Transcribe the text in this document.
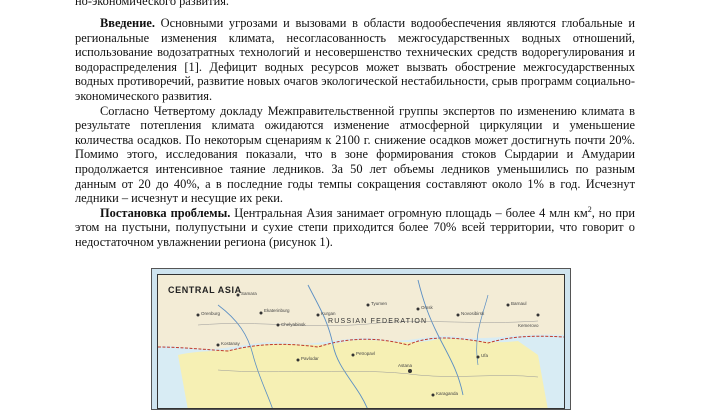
но-экономического развития.

Введение. Основными угрозами и вызовами в области водообеспечения являются глобальные и региональные изменения климата, несогласованность межгосударственных водных отношений, использование водозатратных технологий и несовершенство технических средств водорегулирования и водораспределения [1]. Дефицит водных ресурсов может вызвать обострение межгосударственных водных противоречий, развитие новых очагов экологической нестабильности, срыв программ социально-экономического развития.

Согласно Четвертому докладу Межправительственной группы экспертов по изменению климата в результате потепления климата ожидаются изменение атмосферной циркуляции и уменьшение количества осадков. По некоторым сценариям к 2100 г. снижение осадков может достигнуть почти 20%. Помимо этого, исследования показали, что в зоне формирования стоков Сырдарии и Амударии продолжается интенсивное таяние ледников. За 50 лет объемы ледников уменьшились по разным данным от 20 до 40%, а в последние годы темпы сокращения составляют около 1% в год. Исчезнут ледники – исчезнут и несущие их реки.

Постановка проблемы. Центральная Азия занимает огромную площадь – более 4 млн $км^2$, но при этом на пустыни, полупустыни и сухие степи приходится более 70% всей территории, что говорит о недостаточном увлажнении региона (рисунок 1).

CENTRAL ASIA
RUSSIAN FEDERATION
Ekaterinburg
Chelyabinsk
Kurgan
Tyumen
Omsk
Novosibirsk
Barnaul
Pavlodar
Petropavl
Astana
Karaganda
Kostanay
Orenburg
Samara
Ufa
Kemerovo
